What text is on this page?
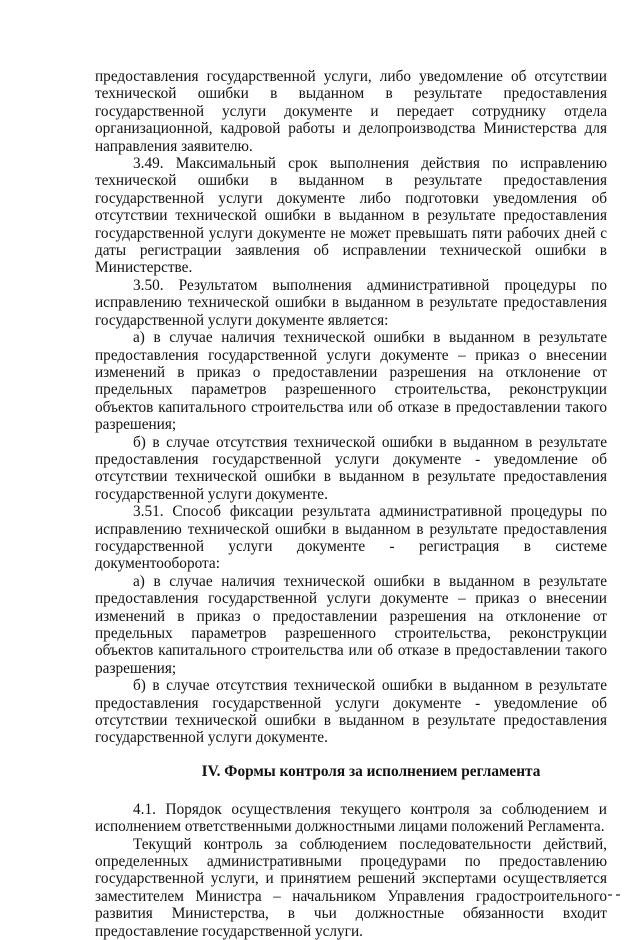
предоставления государственной услуги, либо уведомление об отсутствии технической ошибки в выданном в результате предоставления государственной услуги документе и передает сотруднику отдела организационной, кадровой работы и делопроизводства Министерства для направления заявителю.

3.49. Максимальный срок выполнения действия по исправлению технической ошибки в выданном в результате предоставления государственной услуги документе либо подготовки уведомления об отсутствии технической ошибки в выданном в результате предоставления государственной услуги документе не может превышать пяти рабочих дней с даты регистрации заявления об исправлении технической ошибки в Министерстве.

3.50. Результатом выполнения административной процедуры по исправлению технической ошибки в выданном в результате предоставления государственной услуги документе является:

а) в случае наличия технической ошибки в выданном в результате предоставления государственной услуги документе – приказ о внесении изменений в приказ о предоставлении разрешения на отклонение от предельных параметров разрешенного строительства, реконструкции объектов капитального строительства или об отказе в предоставлении такого разрешения;

б) в случае отсутствия технической ошибки в выданном в результате предоставления государственной услуги документе - уведомление об отсутствии технической ошибки в выданном в результате предоставления государственной услуги документе.

3.51. Способ фиксации результата административной процедуры по исправлению технической ошибки в выданном в результате предоставления государственной услуги документе - регистрация в системе документооборота:

а) в случае наличия технической ошибки в выданном в результате предоставления государственной услуги документе – приказ о внесении изменений в приказ о предоставлении разрешения на отклонение от предельных параметров разрешенного строительства, реконструкции объектов капитального строительства или об отказе в предоставлении такого разрешения;

б) в случае отсутствия технической ошибки в выданном в результате предоставления государственной услуги документе - уведомление об отсутствии технической ошибки в выданном в результате предоставления государственной услуги документе.

IV. Формы контроля за исполнением регламента

4.1. Порядок осуществления текущего контроля за соблюдением и исполнением ответственными должностными лицами положений Регламента.

Текущий контроль за соблюдением последовательности действий, определенных административными процедурами по предоставлению государственной услуги, и принятием решений экспертами осуществляется заместителем Министра – начальником Управления градостроительного развития Министерства, в чьи должностные обязанности входит предоставление государственной услуги.
